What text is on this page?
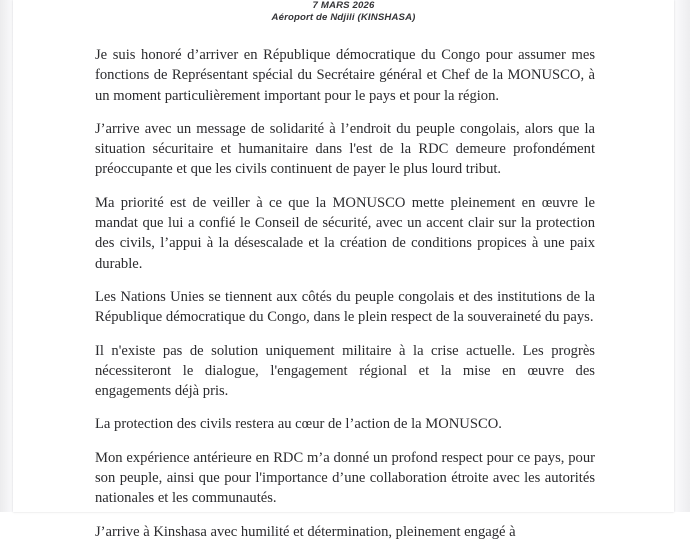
7 MARS 2026
Aéroport de Ndjili (KINSHASA)

Je suis honoré d’arriver en République démocratique du Congo pour assumer mes fonctions de Représentant spécial du Secrétaire général et Chef de la MONUSCO, à un moment particulièrement important pour le pays et pour la région.

J’arrive avec un message de solidarité à l’endroit du peuple congolais, alors que la situation sécuritaire et humanitaire dans l'est de la RDC demeure profondément préoccupante et que les civils continuent de payer le plus lourd tribut.

Ma priorité est de veiller à ce que la MONUSCO mette pleinement en œuvre le mandat que lui a confié le Conseil de sécurité, avec un accent clair sur la protection des civils, l’appui à la désescalade et la création de conditions propices à une paix durable.

Les Nations Unies se tiennent aux côtés du peuple congolais et des institutions de la République démocratique du Congo, dans le plein respect de la souveraineté du pays.

Il n'existe pas de solution uniquement militaire à la crise actuelle. Les progrès nécessiteront le dialogue, l'engagement régional et la mise en œuvre des engagements déjà pris.

La protection des civils restera au cœur de l’action de la MONUSCO.

Mon expérience antérieure en RDC m’a donné un profond respect pour ce pays, pour son peuple, ainsi que pour l'importance d’une collaboration étroite avec les autorités nationales et les communautés.

J’arrive à Kinshasa avec humilité et détermination, pleinement engagé à
